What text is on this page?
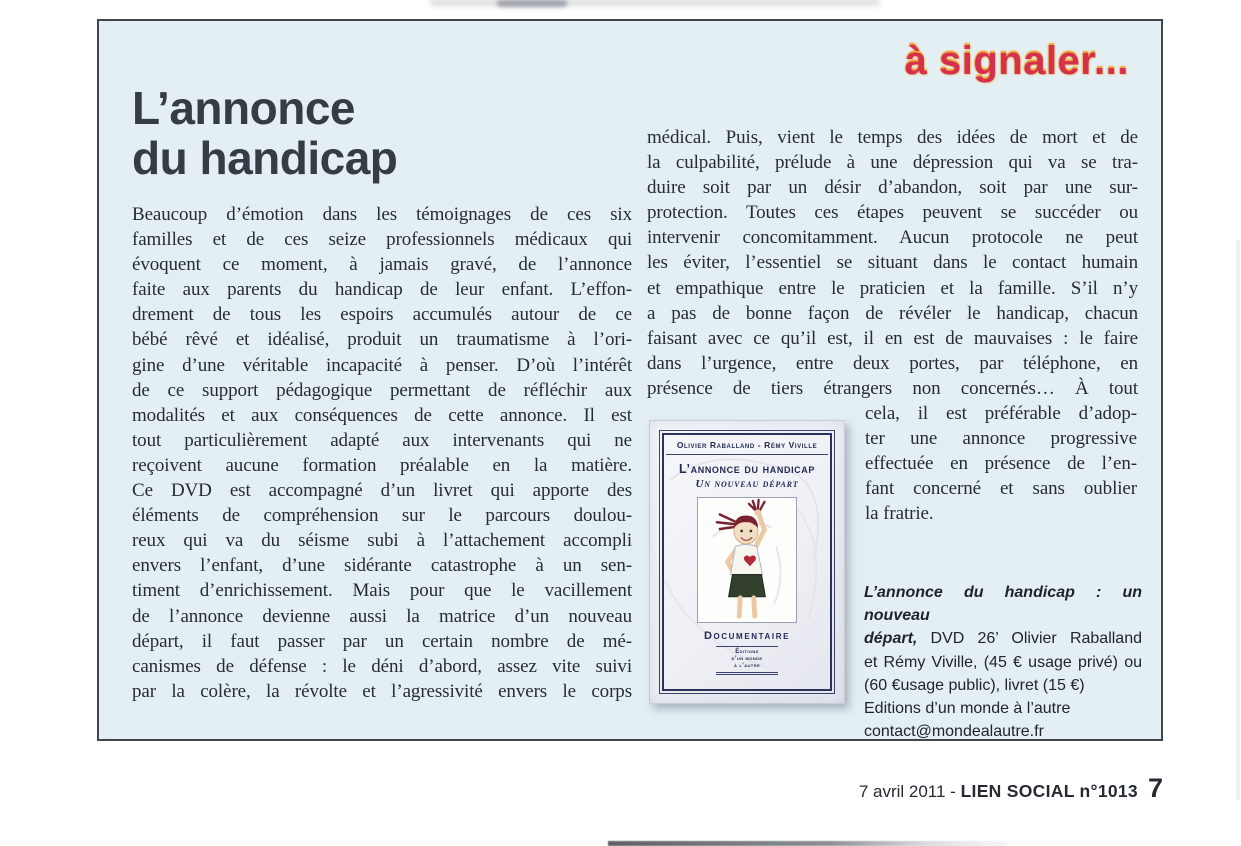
à signaler...
L’annonce
du handicap
Beaucoup d’émotion dans les témoignages de ces six
familles et de ces seize professionnels médicaux qui
évoquent ce moment, à jamais gravé, de l’annonce
faite aux parents du handicap de leur enfant. L’effon-
drement de tous les espoirs accumulés autour de ce
bébé rêvé et idéalisé, produit un traumatisme à l’ori-
gine d’une véritable incapacité à penser. D’où l’intérêt
de ce support pédagogique permettant de réfléchir aux
modalités et aux conséquences de cette annonce. Il est
tout particulièrement adapté aux intervenants qui ne
reçoivent aucune formation préalable en la matière.
Ce DVD est accompagné d’un livret qui apporte des
éléments de compréhension sur le parcours doulou-
reux qui va du séisme subi à l’attachement accompli
envers l’enfant, d’une sidérante catastrophe à un sen-
timent d’enrichissement. Mais pour que le vacillement
de l’annonce devienne aussi la matrice d’un nouveau
départ, il faut passer par un certain nombre de mé-
canismes de défense : le déni d’abord, assez vite suivi
par la colère, la révolte et l’agressivité envers le corps
médical. Puis, vient le temps des idées de mort et de
la culpabilité, prélude à une dépression qui va se tra-
duire soit par un désir d’abandon, soit par une sur-
protection. Toutes ces étapes peuvent se succéder ou
intervenir concomitamment. Aucun protocole ne peut
les éviter, l’essentiel se situant dans le contact humain
et empathique entre le praticien et la famille. S’il n’y
a pas de bonne façon de révéler le handicap, chacun
faisant avec ce qu’il est, il en est de mauvaises : le faire
dans l’urgence, entre deux portes, par téléphone, en
présence de tiers étrangers non concernés… À tout
cela, il est préférable d’adop-
ter une annonce progressive
effectuée en présence de l’en-
fant concerné et sans oublier
la fratrie.
Olivier Raballand - Rémy Viville
L’annonce du handicap
Un nouveau départ
Documentaire
Éditions
d’un monde
à l’autre
L’annonce du handicap : un nouveau
départ, DVD 26’ Olivier Raballand
et Rémy Viville, (45 € usage privé) ou
(60 €usage public), livret (15 €)
Editions d’un monde à l’autre
contact@mondealautre.fr
7 avril 2011 - LIEN SOCIAL n°1013 7
